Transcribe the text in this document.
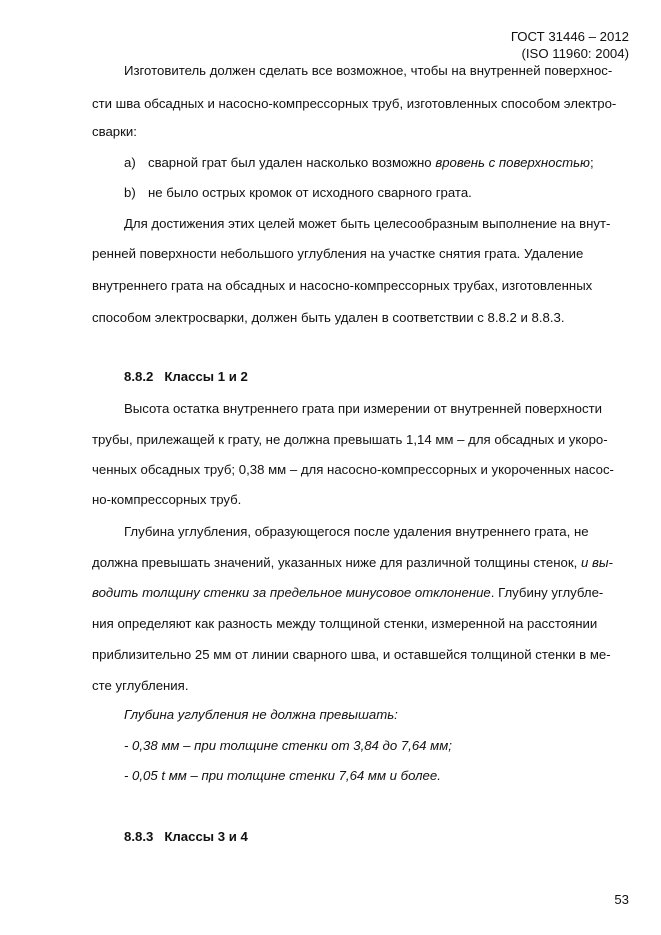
ГОСТ 31446 – 2012
(ISO 11960: 2004)
Изготовитель должен сделать все возможное, чтобы на внутренней поверхнос-
сти шва обсадных и насосно-компрессорных труб, изготовленных способом электро-
сварки:
a) сварной грат был удален насколько возможно вровень с поверхностью;
b) не было острых кромок от исходного сварного грата.
Для достижения этих целей может быть целесообразным выполнение на внут-
ренней поверхности небольшого углубления на участке снятия грата. Удаление
внутреннего грата на обсадных и насосно-компрессорных трубах, изготовленных
способом электросварки, должен быть удален в соответствии с 8.8.2 и 8.8.3.
8.8.2 Классы 1 и 2
Высота остатка внутреннего грата при измерении от внутренней поверхности
трубы, прилежащей к грату, не должна превышать 1,14 мм – для обсадных и укоро-
ченных обсадных труб; 0,38 мм – для насосно-компрессорных и укороченных насос-
но-компрессорных труб.
Глубина углубления, образующегося после удаления внутреннего грата, не
должна превышать значений, указанных ниже для различной толщины стенок, и вы-
водить толщину стенки за предельное минусовое отклонение. Глубину углубле-
ния определяют как разность между толщиной стенки, измеренной на расстоянии
приблизительно 25 мм от линии сварного шва, и оставшейся толщиной стенки в ме-
сте углубления.
Глубина углубления не должна превышать:
- 0,38 мм – при толщине стенки от 3,84 до 7,64 мм;
- 0,05 t мм – при толщине стенки 7,64 мм и более.
8.8.3 Классы 3 и 4
53
